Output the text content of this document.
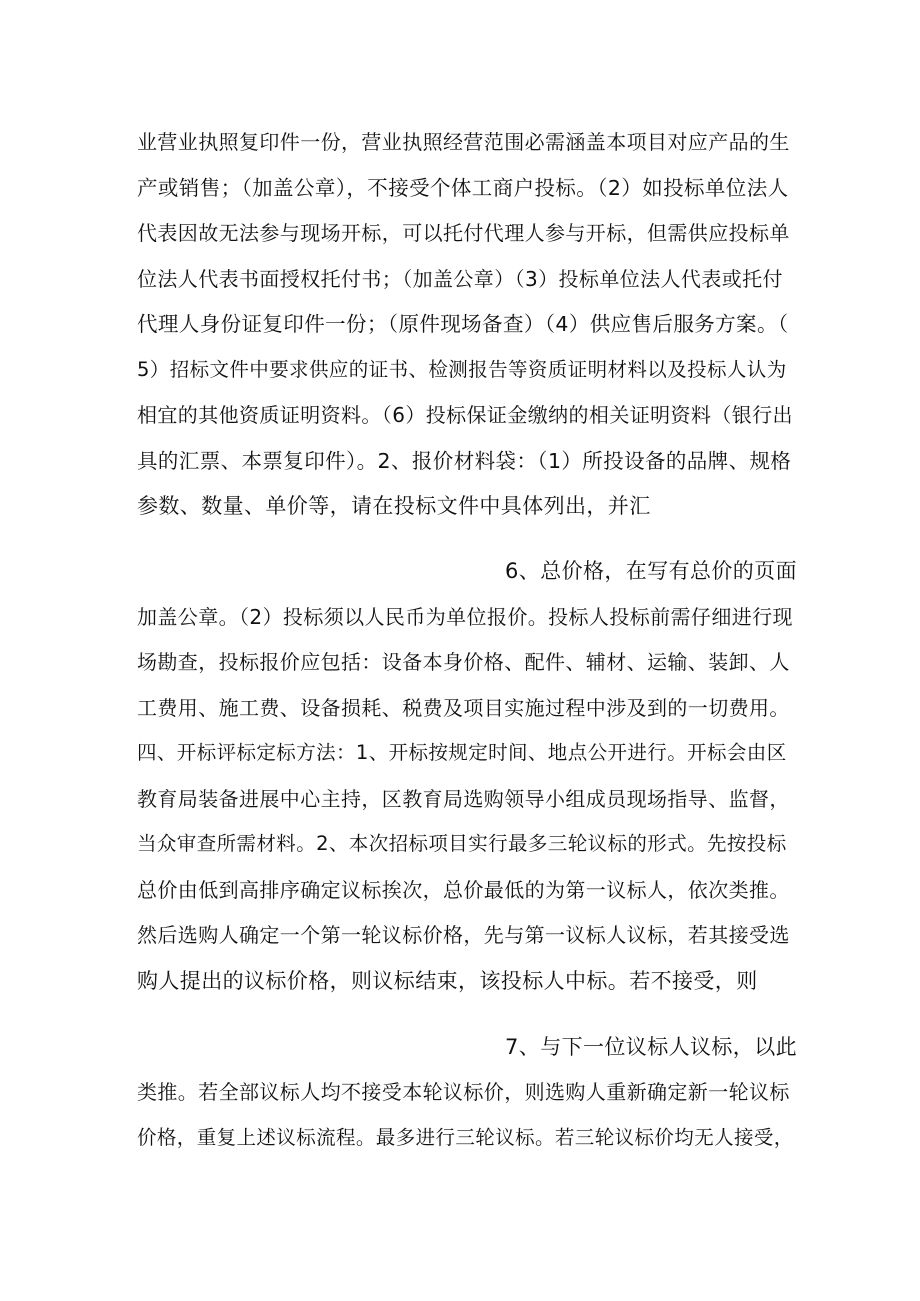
业营业执照复印件一份，营业执照经营范围必需涵盖本项目对应产品的生
产或销售；（加盖公章），不接受个体工商户投标。（2）如投标单位法人
代表因故无法参与现场开标，可以托付代理人参与开标，但需供应投标单
位法人代表书面授权托付书；（加盖公章）（3）投标单位法人代表或托付
代理人身份证复印件一份；（原件现场备查）（4）供应售后服务方案。（
5）招标文件中要求供应的证书、检测报告等资质证明材料以及投标人认为
相宜的其他资质证明资料。（6）投标保证金缴纳的相关证明资料（银行出
具的汇票、本票复印件）。2、报价材料袋：（1）所投设备的品牌、规格
参数、数量、单价等，请在投标文件中具体列出，并汇
6、总价格，在写有总价的页面
加盖公章。（2）投标须以人民币为单位报价。投标人投标前需仔细进行现
场勘查，投标报价应包括：设备本身价格、配件、辅材、运输、装卸、人
工费用、施工费、设备损耗、税费及项目实施过程中涉及到的一切费用。
四、开标评标定标方法：1、开标按规定时间、地点公开进行。开标会由区
教育局装备进展中心主持，区教育局选购领导小组成员现场指导、监督，
当众审查所需材料。2、本次招标项目实行最多三轮议标的形式。先按投标
总价由低到高排序确定议标挨次，总价最低的为第一议标人，依次类推。
然后选购人确定一个第一轮议标价格，先与第一议标人议标，若其接受选
购人提出的议标价格，则议标结束，该投标人中标。若不接受，则
7、与下一位议标人议标，以此
类推。若全部议标人均不接受本轮议标价，则选购人重新确定新一轮议标
价格，重复上述议标流程。最多进行三轮议标。若三轮议标价均无人接受，
